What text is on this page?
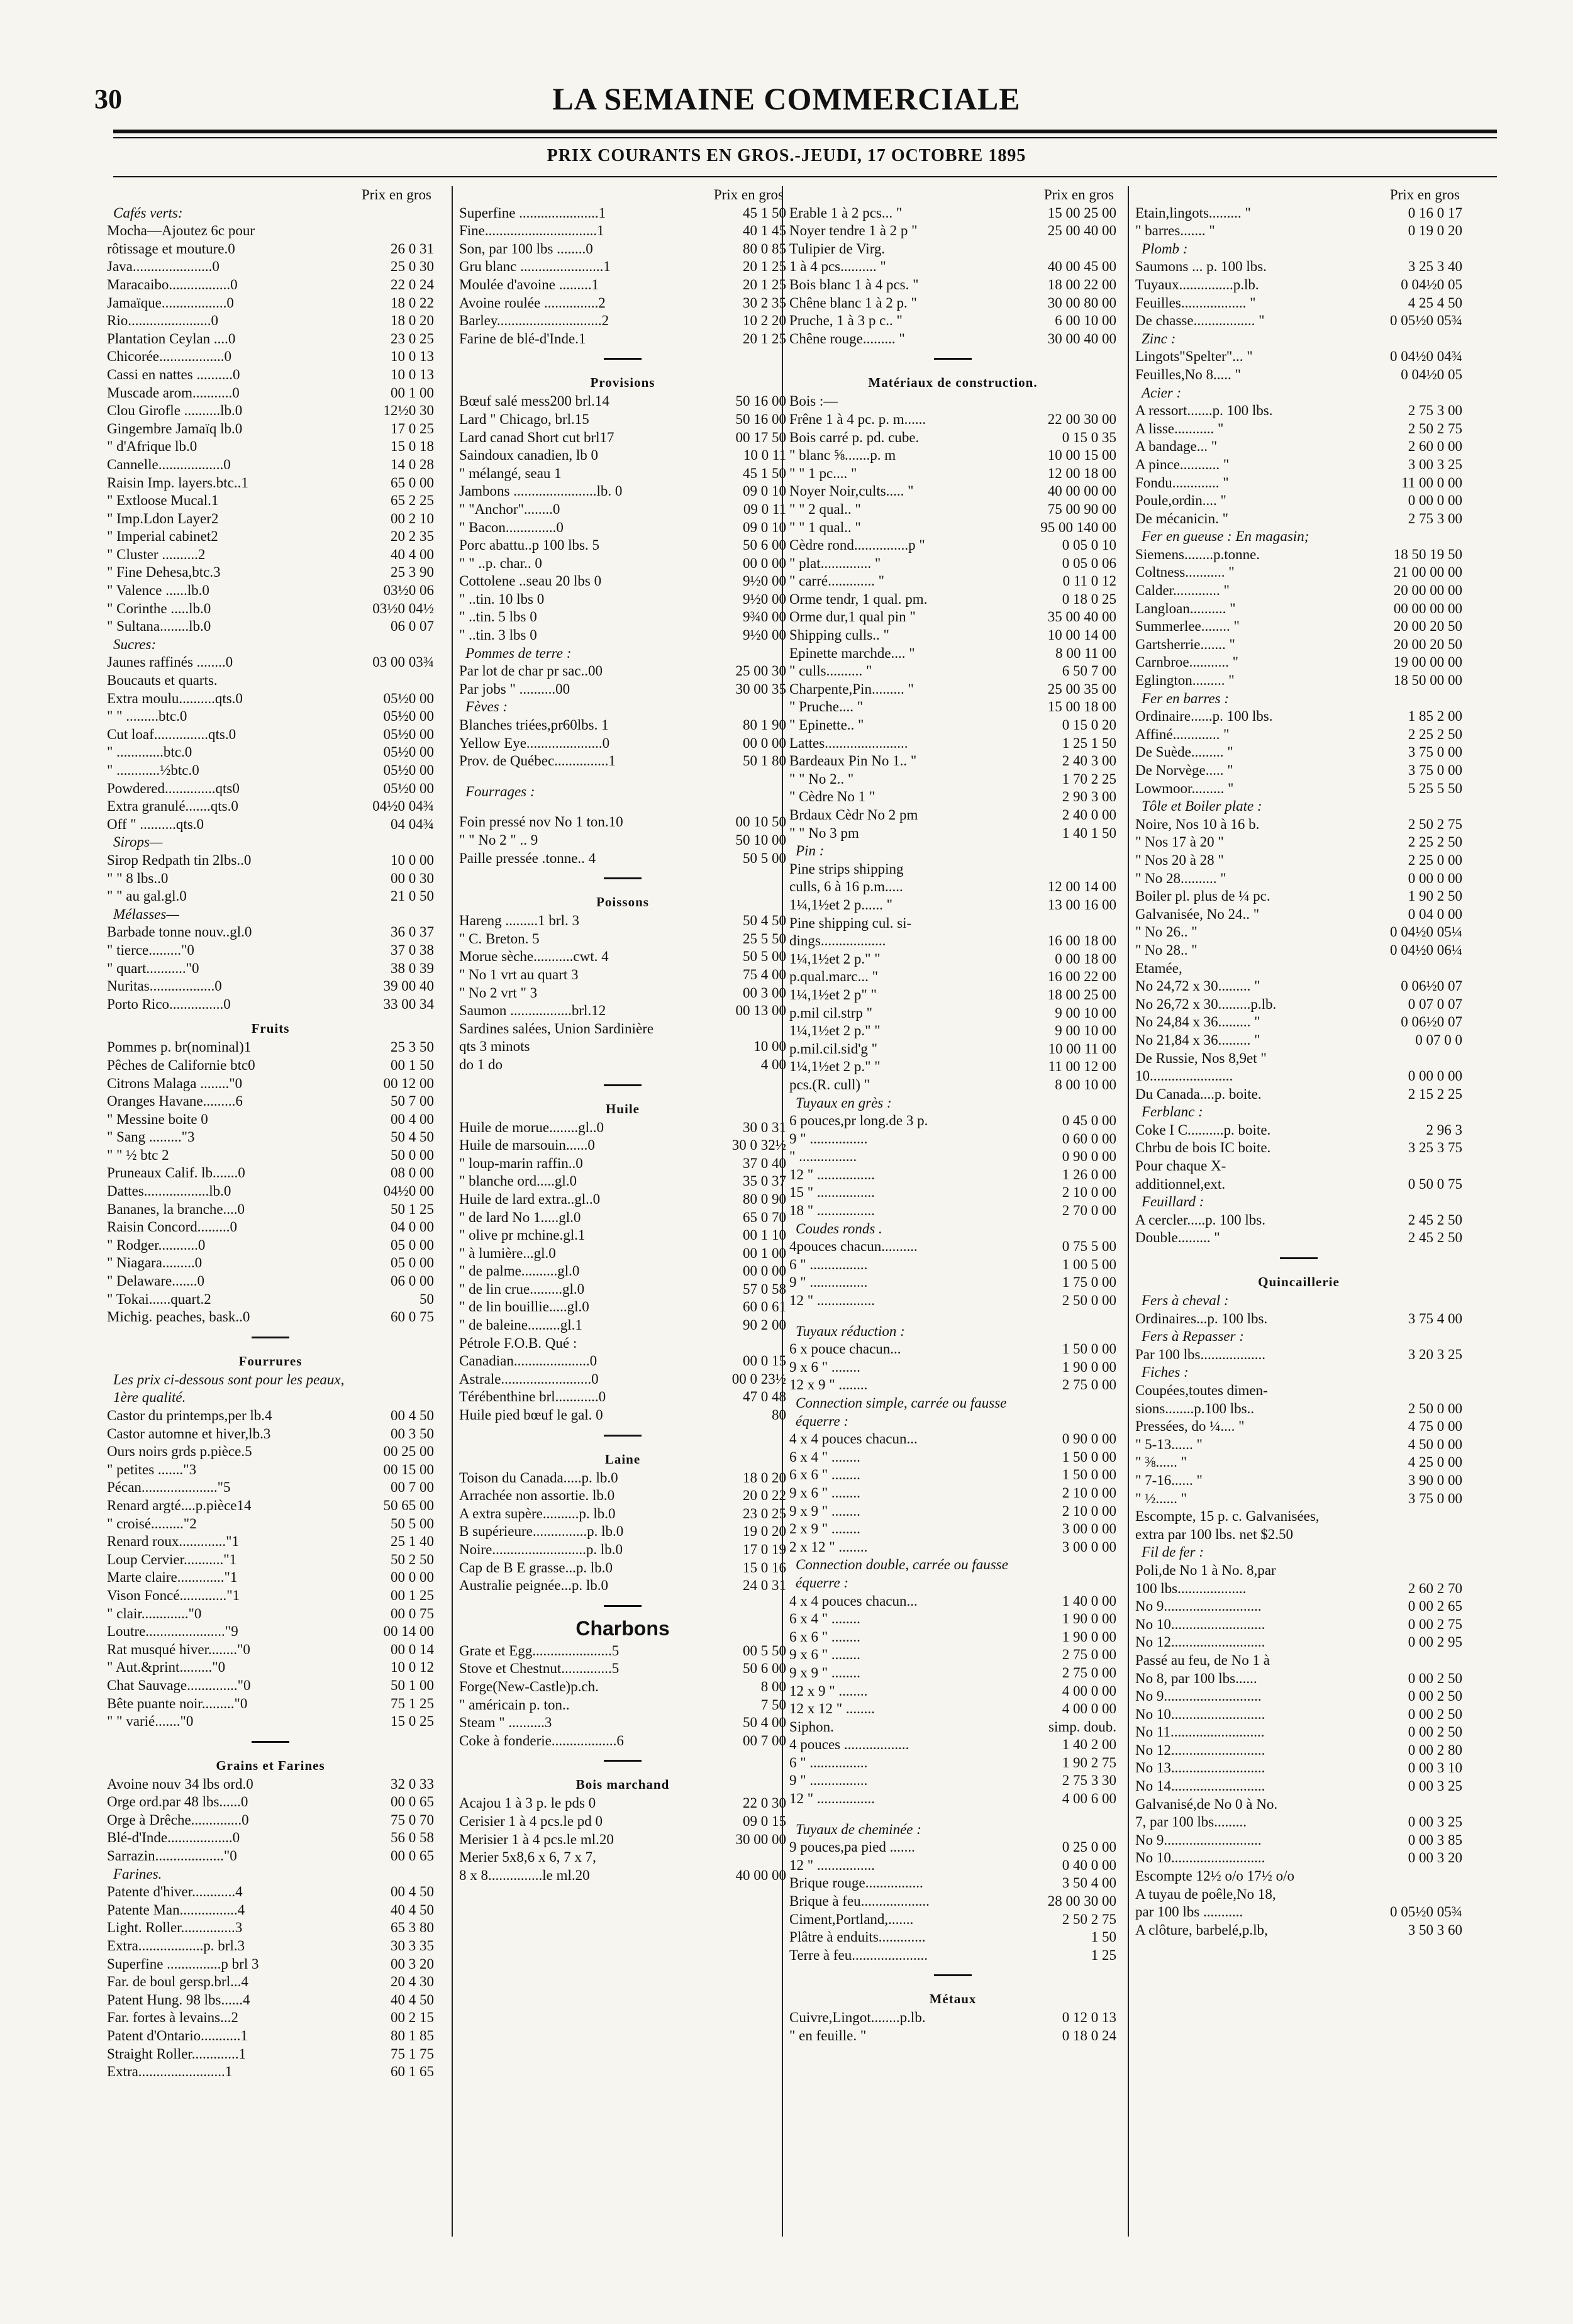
30	LA SEMAINE COMMERCIALE
PRIX COURANTS EN GROS.-JEUDI, 17 OCTOBRE 1895
Prix en gros
Cafés verts:
Mocha—Ajoutez 6c pour
rôtissage et mouture.0	26 0 31
Java......................0	25 0 30
Maracaibo.................0	22 0 24
Jamaïque..................0	18 0 22
Rio.......................0	18 0 20
Plantation Ceylan ....0	23 0 25
Chicorée..................0	10 0 13
Cassi en nattes ..........0	10 0 13
Muscade arom...........0	00 1 00
Clou Girofle ..........lb.0	12½0 30
Gingembre Jamaïq lb.0	17 0 25
" d'Afrique lb.0	15 0 18
Cannelle..................0	14 0 28
Raisin Imp. layers.btc..1	65 0 00
" Extloose Mucal.1	65 2 25
" Imp.Ldon Layer2	00 2 10
" Imperial cabinet2	20 2 35
" Cluster ..........2	40 4 00
" Fine Dehesa,btc.3	25 3 90
" Valence ......lb.0	03½0 06
" Corinthe .....lb.0	03½0 04½
" Sultana........lb.0	06 0 07
Sucres:
Jaunes raffinés ........0	03 00 03¾
Boucauts et quarts.
Extra moulu..........qts.0	05½0 00
" " .........btc.0	05½0 00
Cut loaf...............qts.0	05½0 00
" .............btc.0	05½0 00
" ............½btc.0	05½0 00
Powdered..............qts0	05½0 00
Extra granulé.......qts.0	04½0 04¾
Off " ..........qts.0	04 04¾
Sirops—
Sirop Redpath tin 2lbs..0	10 0 00
" " 8 lbs..0	00 0 30
" " au gal.gl.0	21 0 50
Mélasses—
Barbade tonne nouv..gl.0	36 0 37
" tierce........."0	37 0 38
" quart..........."0	38 0 39
Nuritas..................0	39 00 40
Porto Rico...............0	33 00 34
Fruits
Pommes p. br(nominal)1	25 3 50
Pêches de Californie btc0	00 1 50
Citrons Malaga ........"0	00 12 00
Oranges Havane.........6	50 7 00
" Messine boite 0	00 4 00
" Sang ........."3	50 4 50
" " ½ btc 2	50 0 00
Pruneaux Calif. lb.......0	08 0 00
Dattes..................lb.0	04½0 00
Bananes, la branche....0	50 1 25
Raisin Concord.........0	04 0 00
" Rodger...........0	05 0 00
" Niagara.........0	05 0 00
" Delaware.......0	06 0 00
" Tokai......quart.2	50
Michig. peaches, bask..0	60 0 75
Fourrures
Les prix ci-dessous sont pour les peaux,
1ère qualité.
Castor du printemps,per lb.4	00 4 50
Castor automne et hiver,lb.3	00 3 50
Ours noirs grds p.pièce.5	00 25 00
" petites ......."3	00 15 00
Pécan....................."5	00 7 00
Renard argté....p.pièce14	50 65 00
" croisé........."2	50 5 00
Renard roux............."1	25 1 40
Loup Cervier..........."1	50 2 50
Marte claire............."1	00 0 00
Vison Foncé............."1	00 1 25
" clair............."0	00 0 75
Loutre......................"9	00 14 00
Rat musqué hiver........"0	00 0 14
" Aut.&print........."0	10 0 12
Chat Sauvage.............."0	50 1 00
Bête puante noir........."0	75 1 25
" " varié......."0	15 0 25
Grains et Farines
Avoine nouv 34 lbs ord.0	32 0 33
Orge ord.par 48 lbs......0	00 0 65
Orge à Drêche..............0	75 0 70
Blé-d'Inde..................0	56 0 58
Sarrazin..................."0	00 0 65
Farines.
Patente d'hiver............4	00 4 50
Patente Man................4	40 4 50
Light. Roller...............3	65 3 80
Extra..................p. brl.3	30 3 35
Superfine ...............p brl 3	00 3 20
Far. de boul gersp.brl...4	20 4 30
Patent Hung. 98 lbs......4	40 4 50
Far. fortes à levains...2	00 2 15
Patent d'Ontario...........1	80 1 85
Straight Roller.............1	75 1 75
Extra........................1	60 1 65
Prix en gros
Superfine ......................1	45 1 50
Fine...............................1	40 1 45
Son, par 100 lbs ........0	80 0 85
Gru blanc .......................1	20 1 25
Moulée d'avoine .........1	20 1 25
Avoine roulée ...............2	30 2 35
Barley.............................2	10 2 20
Farine de blé-d'Inde.1	20 1 25
Provisions
Bœuf salé mess200 brl.14	50 16 00
Lard " Chicago, brl.15	50 16 00
Lard canad Short cut brl17	00 17 50
Saindoux canadien, lb 0	10 0 11
" mélangé, seau 1	45 1 50
Jambons .......................lb. 0	09 0 10
" "Anchor"........0	09 0 11
" Bacon..............0	09 0 10
Porc abattu..p 100 lbs. 5	50 6 00
" " ..p. char.. 0	00 0 00
Cottolene ..seau 20 lbs 0	9½0 00
" ..tin. 10 lbs 0	9½0 00
" ..tin. 5 lbs 0	9¾0 00
" ..tin. 3 lbs 0	9½0 00
Pommes de terre :
Par lot de char pr sac..00	25 00 30
Par jobs " ..........00	30 00 35
Fèves :
Blanches triées,pr60lbs. 1	80 1 90
Yellow Eye.....................0	00 0 00
Prov. de Québec...............1	50 1 80
Fourrages :
Foin pressé nov No 1 ton.10	00 10 50
" " No 2 " .. 9	50 10 00
Paille pressée .tonne.. 4	50 5 00
Poissons
Hareng .........1 brl. 3	50 4 50
" C. Breton. 5	25 5 50
Morue sèche...........cwt. 4	50 5 00
" No 1 vrt au quart 3	75 4 00
" No 2 vrt " 3	00 3 00
Saumon .................brl.12	00 13 00
Sardines salées, Union Sardinière
qts 3 minots	10 00
do 1 do	4 00
Huile
Huile de morue........gl..0	30 0 31
Huile de marsouin......0	30 0 32½
" loup-marin raffin..0	37 0 40
" blanche ord.....gl.0	35 0 37
Huile de lard extra..gl..0	80 0 90
" de lard No 1.....gl.0	65 0 70
" olive pr mchine.gl.1	00 1 10
" à lumière...gl.0	00 1 00
" de palme..........gl.0	00 0 00
" de lin crue.........gl.0	57 0 58
" de lin bouillie.....gl.0	60 0 61
" de baleine.........gl.1	90 2 00
Pétrole F.O.B. Qué :
Canadian.....................0	00 0 15
Astrale.........................0	00 0 23½
Térébenthine brl............0	47 0 48
Huile pied bœuf le gal. 0	80
Laine
Toison du Canada.....p. lb.0	18 0 20
Arrachée non assortie. lb.0	20 0 22
A extra supère..........p. lb.0	23 0 25
B supérieure...............p. lb.0	19 0 20
Noire..........................p. lb.0	17 0 19
Cap de B E grasse...p. lb.0	15 0 16
Australie peignée...p. lb.0	24 0 31
Charbons
Grate et Egg......................5	00 5 50
Stove et Chestnut..............5	50 6 00
Forge(New-Castle)p.ch.	8 00
" américain p. ton..	7 50
Steam " ..........3	50 4 00
Coke à fonderie..................6	00 7 00
Bois marchand
Acajou 1 à 3 p. le pds 0	22 0 30
Cerisier 1 à 4 pcs.le pd 0	09 0 15
Merisier 1 à 4 pcs.le ml.20	30 00 00
Merier 5x8,6 x 6, 7 x 7,
8 x 8...............le ml.20	40 00 00
Prix en gros
Erable 1 à 2 pcs... "	15 00 25 00
Noyer tendre 1 à 2 p "	25 00 40 00
Tulipier de Virg.
1 à 4 pcs.......... "	40 00 45 00
Bois blanc 1 à 4 pcs. "	18 00 22 00
Chêne blanc 1 à 2 p. "	30 00 80 00
Pruche, 1 à 3 p c.. "	6 00 10 00
Chêne rouge......... "	30 00 40 00
Matériaux de construction.
Bois :—
Frêne 1 à 4 pc. p. m......	22 00 30 00
Bois carré p. pd. cube.	0 15 0 35
" blanc ⅝.......p. m	10 00 15 00
" " 1 pc.... "	12 00 18 00
Noyer Noir,cults..... "	40 00 00 00
" " 2 qual.. "	75 00 90 00
" " 1 qual.. "	95 00 140 00
Cèdre rond...............p "	0 05 0 10
" plat.............. "	0 05 0 06
" carré............. "	0 11 0 12
Orme tendr, 1 qual. pm.	0 18 0 25
Orme dur,1 qual pin "	35 00 40 00
Shipping culls.. "	10 00 14 00
Epinette marchde.... "	8 00 11 00
" culls.......... "	6 50 7 00
Charpente,Pin......... "	25 00 35 00
" Pruche.... "	15 00 18 00
" Epinette.. "	0 15 0 20
Lattes.......................	1 25 1 50
Bardeaux Pin No 1.. "	2 40 3 00
" " No 2.. "	1 70 2 25
" Cèdre No 1 "	2 90 3 00
Brdaux Cèdr No 2 pm	2 40 0 00
" " No 3 pm	1 40 1 50
Pin :
Pine strips shipping
culls, 6 à 16 p.m.....	12 00 14 00
1¼,1½et 2 p...... "	13 00 16 00
Pine shipping cul. si-
dings..................	16 00 18 00
1¼,1½et 2 p." "	0 00 18 00
p.qual.marc... "	16 00 22 00
1¼,1½et 2 p" "	18 00 25 00
p.mil cil.strp "	9 00 10 00
1¼,1½et 2 p." "	9 00 10 00
p.mil.cil.sid'g "	10 00 11 00
1¼,1½et 2 p." "	11 00 12 00
pcs.(R. cull) "	8 00 10 00
Tuyaux en grès :
6 pouces,pr long.de 3 p.	0 45 0 00
9 " ................	0 60 0 00
" ................	0 90 0 00
12 " ................	1 26 0 00
15 " ................	2 10 0 00
18 " ................	2 70 0 00
Coudes ronds .
4pouces chacun..........	0 75 5 00
6 " ................	1 00 5 00
9 " ................	1 75 0 00
12 " ................	2 50 0 00
Tuyaux réduction :
6 x pouce chacun...	1 50 0 00
9 x 6 " ........	1 90 0 00
12 x 9 " ........	2 75 0 00
Connection simple, carrée ou fausse
équerre :
4 x 4 pouces chacun...	0 90 0 00
6 x 4 " ........	1 50 0 00
6 x 6 " ........	1 50 0 00
9 x 6 " ........	2 10 0 00
9 x 9 " ........	2 10 0 00
2 x 9 " ........	3 00 0 00
2 x 12 " ........	3 00 0 00
Connection double, carrée ou fausse
équerre :
4 x 4 pouces chacun...	1 40 0 00
6 x 4 " ........	1 90 0 00
6 x 6 " ........	1 90 0 00
9 x 6 " ........	2 75 0 00
9 x 9 " ........	2 75 0 00
12 x 9 " ........	4 00 0 00
12 x 12 " ........	4 00 0 00
Siphon.	simp. doub.
4 pouces ..................	1 40 2 00
6 " ................	1 90 2 75
9 " ................	2 75 3 30
12 " ................	4 00 6 00
Tuyaux de cheminée :
9 pouces,pa pied .......	0 25 0 00
12 " ................	0 40 0 00
Brique rouge................	3 50 4 00
Brique à feu...................	28 00 30 00
Ciment,Portland,.......	2 50 2 75
Plâtre à enduits.............	1 50
Terre à feu.....................	1 25
Métaux
Cuivre,Lingot........p.lb.	0 12 0 13
" en feuille. "	0 18 0 24
Prix en gros
Etain,lingots......... "	0 16 0 17
" barres....... "	0 19 0 20
Plomb :
Saumons ... p. 100 lbs.	3 25 3 40
Tuyaux...............p.lb.	0 04½0 05
Feuilles.................. "	4 25 4 50
De chasse................. "	0 05½0 05¾
Zinc :
Lingots"Spelter"... "	0 04½0 04¾
Feuilles,No 8..... "	0 04½0 05
Acier :
A ressort.......p. 100 lbs.	2 75 3 00
A lisse........... "	2 50 2 75
A bandage... "	2 60 0 00
A pince........... "	3 00 3 25
Fondu............. "	11 00 0 00
Poule,ordin.... "	0 00 0 00
De mécanicin. "	2 75 3 00
Fer en gueuse : En magasin;
Siemens........p.tonne.	18 50 19 50
Coltness........... "	21 00 00 00
Calder............. "	20 00 00 00
Langloan.......... "	00 00 00 00
Summerlee........ "	20 00 20 50
Gartsherrie....... "	20 00 20 50
Carnbroe........... "	19 00 00 00
Eglington......... "	18 50 00 00
Fer en barres :
Ordinaire......p. 100 lbs.	1 85 2 00
Affiné............. "	2 25 2 50
De Suède......... "	3 75 0 00
De Norvège..... "	3 75 0 00
Lowmoor......... "	5 25 5 50
Tôle et Boiler plate :
Noire, Nos 10 à 16 b.	2 50 2 75
" Nos 17 à 20 "	2 25 2 50
" Nos 20 à 28 "	2 25 0 00
" No 28.......... "	0 00 0 00
Boiler pl. plus de ¼ pc.	1 90 2 50
Galvanisée, No 24.. "	0 04 0 00
" No 26.. "	0 04½0 05¼
" No 28.. "	0 04½0 06¼
Etamée,
No 24,72 x 30......... "	0 06½0 07
No 26,72 x 30.........p.lb.	0 07 0 07
No 24,84 x 36......... "	0 06½0 07
No 21,84 x 36......... "	0 07 0 0
De Russie, Nos 8,9et "
10.......................	0 00 0 00
Du Canada....p. boite.	2 15 2 25
Ferblanc :
Coke I C..........p. boite.	2 96 3
Chrbu de bois IC boite.	3 25 3 75
Pour chaque X-
additionnel,ext.	0 50 0 75
Feuillard :
A cercler.....p. 100 lbs.	2 45 2 50
Double......... "	2 45 2 50
Quincaillerie
Fers à cheval :
Ordinaires...p. 100 lbs.	3 75 4 00
Fers à Repasser :
Par 100 lbs..................	3 20 3 25
Fiches :
Coupées,toutes dimen-
sions........p.100 lbs..	2 50 0 00
Pressées, do ¼.... "	4 75 0 00
" 5-13...... "	4 50 0 00
" ⅜...... "	4 25 0 00
" 7-16...... "	3 90 0 00
" ½...... "	3 75 0 00
Escompte, 15 p. c. Galvanisées,
extra par 100 lbs. net $2.50
Fil de fer :
Poli,de No 1 à No. 8,par
100 lbs...................	2 60 2 70
No 9...........................	0 00 2 65
No 10..........................	0 00 2 75
No 12..........................	0 00 2 95
Passé au feu, de No 1 à
No 8, par 100 lbs......	0 00 2 50
No 9...........................	0 00 2 50
No 10..........................	0 00 2 50
No 11..........................	0 00 2 50
No 12..........................	0 00 2 80
No 13..........................	0 00 3 10
No 14..........................	0 00 3 25
Galvanisé,de No 0 à No.
7, par 100 lbs.........	0 00 3 25
No 9...........................	0 00 3 85
No 10..........................	0 00 3 20
Escompte 12½ o/o 17½ o/o
A tuyau de poêle,No 18,
par 100 lbs ...........	0 05½0 05¾
A clôture, barbelé,p.lb,	3 50 3 60
